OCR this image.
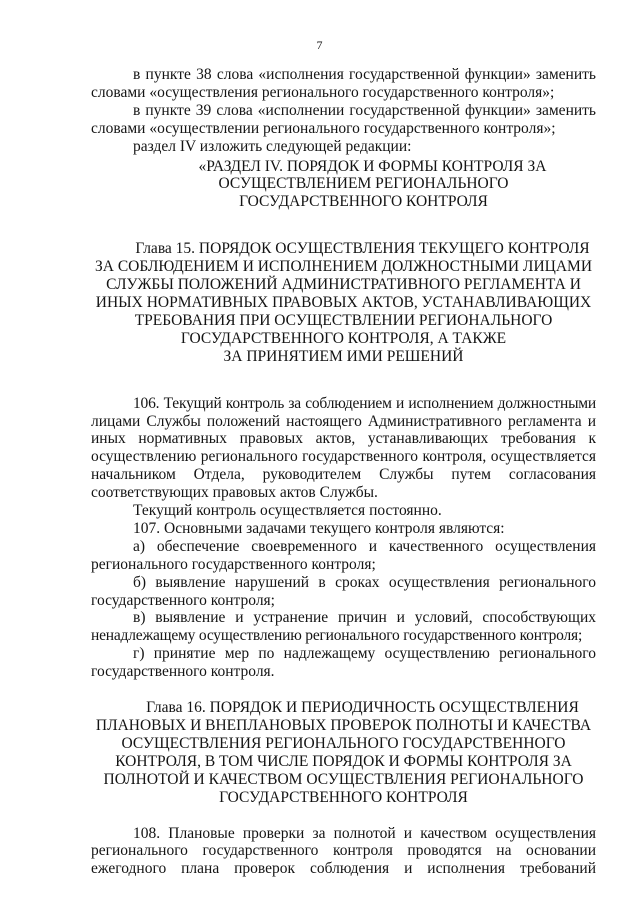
7

в пункте 38 слова «исполнения государственной функции» заменить
словами «осуществления регионального государственного контроля»;

в пункте 39 слова «исполнении государственной функции» заменить
словами «осуществлении регионального государственного контроля»;

раздел IV изложить следующей редакции:

«РАЗДЕЛ IV. ПОРЯДОК И ФОРМЫ КОНТРОЛЯ ЗА
ОСУЩЕСТВЛЕНИЕМ РЕГИОНАЛЬНОГО
ГОСУДАРСТВЕННОГО КОНТРОЛЯ
Глава 15. ПОРЯДОК ОСУЩЕСТВЛЕНИЯ ТЕКУЩЕГО КОНТРОЛЯ
ЗА СОБЛЮДЕНИЕМ И ИСПОЛНЕНИЕМ ДОЛЖНОСТНЫМИ ЛИЦАМИ
СЛУЖБЫ ПОЛОЖЕНИЙ АДМИНИСТРАТИВНОГО РЕГЛАМЕНТА И
ИНЫХ НОРМАТИВНЫХ ПРАВОВЫХ АКТОВ, УСТАНАВЛИВАЮЩИХ
ТРЕБОВАНИЯ ПРИ ОСУЩЕСТВЛЕНИИ РЕГИОНАЛЬНОГО
ГОСУДАРСТВЕННОГО КОНТРОЛЯ, А ТАКЖЕ
ЗА ПРИНЯТИЕМ ИМИ РЕШЕНИЙ

106. Текущий контроль за соблюдением и исполнением должностными
лицами Службы положений настоящего Административного регламента и
иных нормативных правовых актов, устанавливающих требования к
осуществлению регионального государственного контроля, осуществляется
начальником Отдела, руководителем Службы путем согласования
соответствующих правовых актов Службы.

Текущий контроль осуществляется постоянно.

107. Основными задачами текущего контроля являются:

а) обеспечение своевременного и качественного осуществления
регионального государственного контроля;

б) выявление нарушений в сроках осуществления регионального
государственного контроля;

в) выявление и устранение причин и условий, способствующих
ненадлежащему осуществлению регионального государственного контроля;

г) принятие мер по надлежащему осуществлению регионального
государственного контроля.

Глава 16. ПОРЯДОК И ПЕРИОДИЧНОСТЬ ОСУЩЕСТВЛЕНИЯ
ПЛАНОВЫХ И ВНЕПЛАНОВЫХ ПРОВЕРОК ПОЛНОТЫ И КАЧЕСТВА
ОСУЩЕСТВЛЕНИЯ РЕГИОНАЛЬНОГО ГОСУДАРСТВЕННОГО
КОНТРОЛЯ, В ТОМ ЧИСЛЕ ПОРЯДОК И ФОРМЫ КОНТРОЛЯ ЗА
ПОЛНОТОЙ И КАЧЕСТВОМ ОСУЩЕСТВЛЕНИЯ РЕГИОНАЛЬНОГО
ГОСУДАРСТВЕННОГО КОНТРОЛЯ

108. Плановые проверки за полнотой и качеством осуществления
регионального государственного контроля проводятся на основании
ежегодного плана проверок соблюдения и исполнения требований
